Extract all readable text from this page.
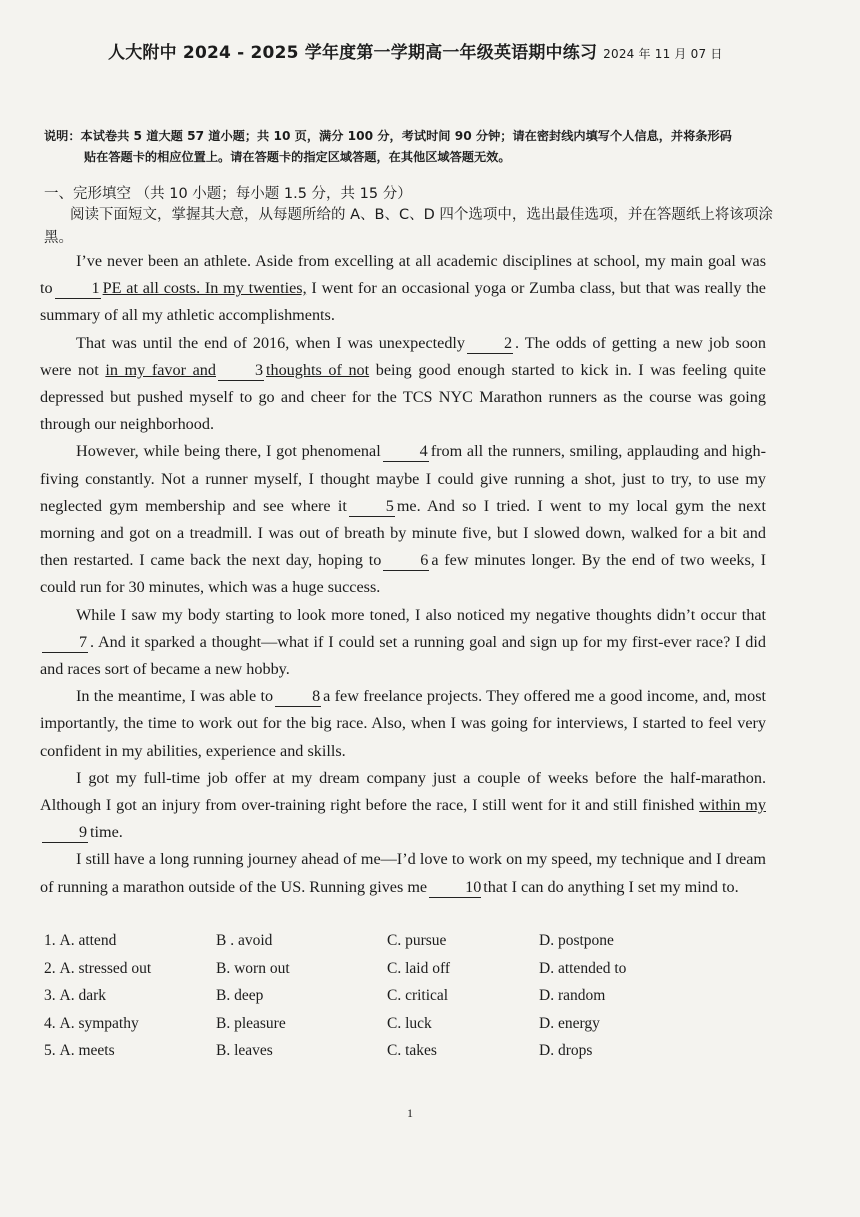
人大附中 2024 - 2025 学年度第一学期高一年级英语期中练习 2024 年 11 月 07 日
说明：本试卷共 5 道大题 57 道小题；共 10 页，满分 100 分，考试时间 90 分钟；请在密封线内填写个人信息，并将条形码
贴在答题卡的相应位置上。请在答题卡的指定区域答题，在其他区域答题无效。
一、完形填空 （共 10 小题；每小题 1.5 分，共 15 分）
阅读下面短文，掌握其大意，从每题所给的 A、B、C、D 四个选项中，选出最佳选项，并在答题纸上将该项涂黑。

I’ve never been an athlete. Aside from excelling at all academic disciplines at school, my main goal was to 1 PE at all costs. In my twenties, I went for an occasional yoga or Zumba class, but that was really the summary of all my athletic accomplishments.

That was until the end of 2016, when I was unexpectedly 2 . The odds of getting a new job soon were not in my favor and 3 thoughts of not being good enough started to kick in. I was feeling quite depressed but pushed myself to go and cheer for the TCS NYC Marathon runners as the course was going through our neighborhood.

However, while being there, I got phenomenal 4 from all the runners, smiling, applauding and high-fiving constantly. Not a runner myself, I thought maybe I could give running a shot, just to try, to use my neglected gym membership and see where it 5 me. And so I tried. I went to my local gym the next morning and got on a treadmill. I was out of breath by minute five, but I slowed down, walked for a bit and then restarted. I came back the next day, hoping to 6 a few minutes longer. By the end of two weeks, I could run for 30 minutes, which was a huge success.

While I saw my body starting to look more toned, I also noticed my negative thoughts didn’t occur that7 . And it sparked a thought—what if I could set a running goal and sign up for my first-ever race? I did and races sort of became a new hobby.

In the meantime, I was able to 8 a few freelance projects. They offered me a good income, and, most importantly, the time to work out for the big race. Also, when I was going for interviews, I started to feel very confident in my abilities, experience and skills.

I got my full-time job offer at my dream company just a couple of weeks before the half-marathon. Although I got an injury from over-training right before the race, I still went for it and still finished within my9 time.

I still have a long running journey ahead of me—I’d love to work on my speed, my technique and I dream of running a marathon outside of the US. Running gives me 10 that I can do anything I set my mind to.

1. A. attend	B . avoid	C. pursue	D. postpone
2. A. stressed out	B. worn out	C. laid off	D. attended to
3. A. dark	B. deep	C. critical	D. random
4. A. sympathy	B. pleasure	C. luck	D. energy
5. A. meets	B. leaves	C. takes	D. drops
1
